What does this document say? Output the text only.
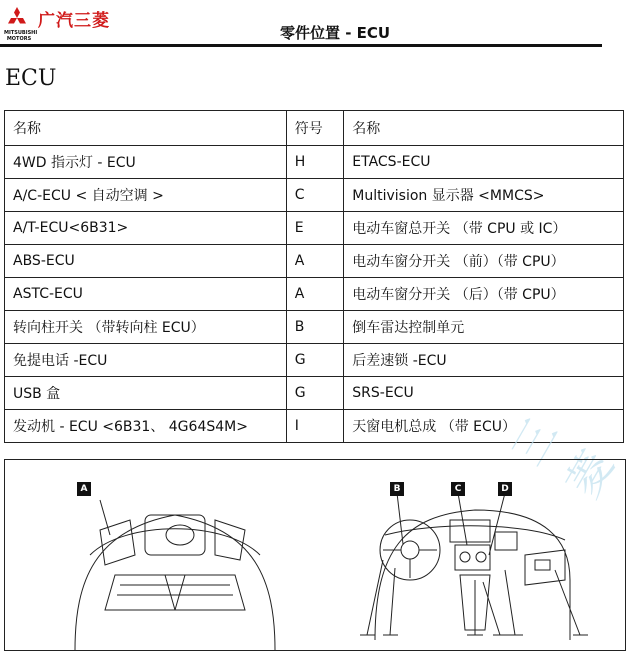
广汽三菱
MITSUBISHI MOTORS	零件位置 - ECU
ECU
名称	符号	名称
4WD 指示灯 - ECU	H	ETACS-ECU
A/C-ECU < 自动空调 >	C	Multivision 显示器 <MMCS>
A/T-ECU<6B31>	E	电动车窗总开关 （带 CPU 或 IC）
ABS-ECU	A	电动车窗分开关 （前）（带 CPU）
ASTC-ECU	A	电动车窗分开关 （后）（带 CPU）
转向柱开关 （带转向柱 ECU）	B	倒车雷达控制单元
免提电话 -ECU	G	后差速锁 -ECU
USB 盒	G	SRS-ECU
发动机 - ECU <6B31、 4G64S4M>	I	天窗电机总成 （带 ECU）
三菱
A	B	C	D
